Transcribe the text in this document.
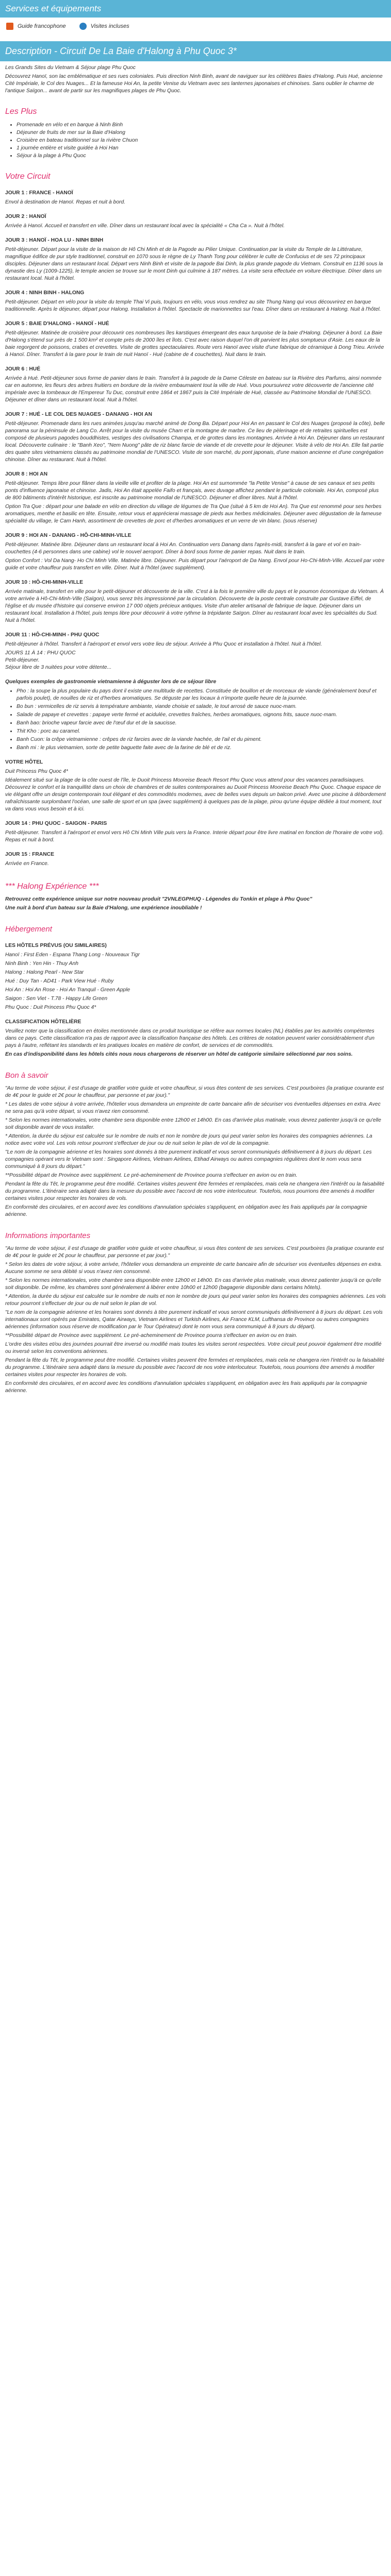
Services et équipements
Guide francophone	Visites incluses
Description - Circuit De La Baie d'Halong à Phu Quoc 3*

Les Grands Sites du Vietnam & Séjour plage Phu Quoc

Découvrez Hanoï, son lac emblématique et ses rues coloniales. Puis direction Ninh Binh, avant de naviguer sur les célèbres Baies d'Halong. Puis Hué, ancienne Cité Impériale, le Col des Nuages... Et la fameuse Hoi An, la petite Venise du Vietnam avec ses lanternes japonaises et chinoises. Sans oublier le charme de l'antique Saïgon... avant de partir sur les magnifiques plages de Phu Quoc.

Les Plus
• Promenade en vélo et en barque à Ninh Binh
• Déjeuner de fruits de mer sur la Baie d'Halong
• Croisière en bateau traditionnel sur la rivière Chuon
• 1 journée entière et visite guidée à Hoi Han
• Séjour à la plage à Phu Quoc
Votre Circuit
JOUR 1 : FRANCE - HANOÏ

Envol à destination de Hanoï. Repas et nuit à bord.

JOUR 2 : HANOÏ

Arrivée à Hanoï. Accueil et transfert en ville. Dîner dans un restaurant local avec la spécialité « Cha Ca ». Nuit à l'hôtel.

JOUR 3 : HANOÏ - HOA LU - NINH BINH

Petit-déjeuner. Départ pour la visite de la maison de Hô Chi Minh et de la Pagode au Pilier Unique. Continuation par la visite du Temple de la Littérature, magnifique édifice de pur style traditionnel, construit en 1070 sous le règne de Ly Thanh Tong pour célébrer le culte de Confucius et de ses 72 principaux disciples. Déjeuner dans un restaurant local. Départ vers Ninh Binh et visite de la pagode Bai Dinh, la plus grande pagode du Vietnam. Construit en 1136 sous la dynastie des Ly (1009-1225), le temple ancien se trouve sur le mont Dinh qui culmine à 187 mètres. La visite sera effectuée en voiture électrique. Dîner dans un restaurant local. Nuit à l'hôtel.

JOUR 4 : NINH BINH - HALONG

Petit-déjeuner. Départ en vélo pour la visite du temple Thai Vi puis, toujours en vélo, vous vous rendrez au site Thung Nang qui vous découvrirez en barque traditionnelle. Après le déjeuner, départ pour Halong. Installation à l'hôtel. Spectacle de marionnettes sur l'eau. Dîner dans un restaurant à Halong. Nuit à l'hôtel.

JOUR 5 : BAIE D'HALONG - HANOÏ - HUÉ

Petit-déjeuner. Matinée de croisière pour découvrir ces nombreuses îles karstiques émergeant des eaux turquoise de la baie d'Halong. Déjeuner à bord. La Baie d'Halong s'étend sur près de 1 500 km² et compte près de 2000 îles et îlots. C'est avec raison duquel l'on dit parvient les plus somptueux d'Asie. Les eaux de la baie regorgent de poissons, crabes et crevettes. Visite de grottes spectaculaires. Route vers Hanoï avec visite d'une fabrique de céramique à Dong Trieu. Arrivée à Hanoï. Dîner. Transfert à la gare pour le train de nuit Hanoï - Hué (cabine de 4 couchettes). Nuit dans le train.

JOUR 6 : HUÉ

Arrivée à Hué. Petit-déjeuner sous forme de panier dans le train. Transfert à la pagode de la Dame Céleste en bateau sur la Rivière des Parfums, ainsi nommée car en automne, les fleurs des arbres fruitiers en bordure de la rivière embaumaient tout la ville de Hué. Vous poursuivrez votre découverte de l'ancienne cité impériale avec la tombeaux de l'Empereur Tu Duc, construit entre 1864 et 1867 puis la Cité Impériale de Hué, classée au Patrimoine Mondial de l'UNESCO. Déjeuner et dîner dans un restaurant local. Nuit à l'hôtel.

JOUR 7 : HUÉ - LE COL DES NUAGES - DANANG - HOI AN

Petit-déjeuner. Promenade dans les rues animées jusqu'au marché animé de Dong Ba. Départ pour Hoi An en passant le Col des Nuages (proposé la côte), belle panorama sur la péninsule de Lang Co. Arrêt pour la visite du musée Cham et la montagne de marbre. Ce lieu de pèlerinage et de retraites spirituelles est composé de plusieurs pagodes bouddhistes, vestiges des civilisations Champa, et de grottes dans les montagnes. Arrivée à Hoi An. Déjeuner dans un restaurant local. Découverte culinaire : le "Banh Xeo", "Nem Nuong" pâte de riz blanc farcie de viande et de crevette pour le déjeuner. Visite à vélo de Hoi An. Elle fait partie des quatre sites vietnamiens classés au patrimoine mondial de l'UNESCO. Visite de son marché, du pont japonais, d'une maison ancienne et d'une congrégation chinoise. Dîner au restaurant. Nuit à l'hôtel.

JOUR 8 : HOI AN

Petit-déjeuner. Temps libre pour flâner dans la vieille ville et profiter de la plage. Hoi An est surnommée "la Petite Venise" à cause de ses canaux et ses petits ponts d'influence japonaise et chinoise. Jadis, Hoi An était appelée Faifo et français, avec duvage affichez pendant le particule coloniale. Hoi An, composé plus de 800 bâtiments d'intérêt historique, est inscrite au patrimoine mondial de l'UNESCO. Déjeuner et dîner libres. Nuit à l'hôtel.

Option Tra Que : départ pour une balade en vélo en direction du village de légumes de Tra Que (situé à 5 km de Hoi An). Tra Que est renommé pour ses herbes aromatiques, menthe et basilic en tête. Ensuite, retour vous et apprécierai massage de pieds aux herbes médicinales. Déjeuner avec dégustation de la fameuse spécialité du village, le Cam Hanh, assortiment de crevettes de porc et d'herbes aromatiques et un verre de vin blanc. (sous réserve)

JOUR 9 : HOI AN - DANANG - HÔ-CHI-MINH-VILLE

Petit-déjeuner. Matinée libre. Déjeuner dans un restaurant local à Hoi An. Continuation vers Danang dans l'après-midi, transfert à la gare et vol en train-couchettes (4-6 personnes dans une cabine) vol le nouvel aeroport. Dîner à bord sous forme de panier repas. Nuit dans le train.

Option Confort : Vol Da Nang- Ho Chi Minh Ville. Matinée libre. Déjeuner. Puis départ pour l'aéroport de Da Nang. Envol pour Ho-Chi-Minh-Ville. Accueil par votre guide et votre chauffeur puis transfert en ville. Dîner. Nuit à l'hôtel (avec supplément).

JOUR 10 : HÔ-CHI-MINH-VILLE

Arrivée matinale, transfert en ville pour le petit-déjeuner et découverte de la ville. C'est à la fois le première ville du pays et le poumon économique du Vietnam. À votre arrivée à Hô-Chi-Minh-Ville (Saïgon), vous serez très impressionné par la circulation. Découverte de la poste centrale construite par Gustave Eiffel, de l'église et du musée d'histoire qui conserve environ 17 000 objets précieux antiques. Visite d'un atelier artisanal de fabrique de laque. Déjeuner dans un restaurant local. Installation à l'hôtel, puis temps libre pour découvrir à votre rythme la trépidante Saïgon. Dîner au restaurant local avec les spécialités du Sud. Nuit à l'hôtel.

JOUR 11 : HÔ-CHI-MINH - PHU QUOC

Petit-déjeuner à l'hôtel. Transfert à l'aéroport et envol vers votre lieu de séjour. Arrivée à Phu Quoc et installation à l'hôtel. Nuit à l'hôtel.

JOURS 11 À 14 : PHU QUOC
Petit-déjeuner.
Séjour libre de 3 nuitées pour votre détente...

Quelques exemples de gastronomie vietnamienne à déguster lors de ce séjour libre

• Pho : la soupe la plus populaire du pays dont il existe une multitude de recettes. Constituée de bouillon et de morceaux de viande (généralement bœuf et parfois poulet), de nouilles de riz et d'herbes aromatiques. Se déguste par les locaux à n'importe quelle heure de la journée.
• Bo bun : vermicelles de riz servis à température ambiante, viande choisie et salade, le tout arrosé de sauce nuoc-mam.
• Salade de papaye et crevettes : papaye verte fermé et acidulée, crevettes fraîches, herbes aromatiques, oignons frits, sauce nuoc-mam.
• Banh bao: brioche vapeur farcie avec de l'œuf dur et de la saucisse.
• Thit Kho : porc au caramel.
• Banh Cuon: la crêpe vietnamienne : crêpes de riz farcies avec de la viande hachée, de l'ail et du piment.
• Banh mi : le plus vietnamien, sorte de petite baguette faite avec de la farine de blé et de riz.
VOTRE HÔTEL

Duit Princess Phu Quoc 4*

Idéalement situé sur la plage de la côte ouest de l'île, le Duoit Princess Mooreise Beach Resort Phu Quoc vous attend pour des vacances paradisiaques. Découvrez le confort et la tranquillité dans un choix de chambres et de suites contemporaines au Duoit Princess Mooreise Beach Phu Quoc. Chaque espace de vie élégant offre un design contemporain tout élégant et des commodités modernes, avec de belles vues depuis un balcon privé. Avec une piscine à débordement rafraîchissante surplombant l'océan, une salle de sport et un spa (avec supplément) à quelques pas de la plage, pirou qu'une équipe dédiée à tout moment, tout va dans vous vous besoin et à ici.

JOUR 14 : PHU QUOC - SAIGON - PARIS

Petit-déjeuner. Transfert à l'aéroport et envol vers Hô Chi Minh Ville puis vers la France. Interie départ pour être livre matinal en fonction de l'horaire de votre vol). Repas et nuit à bord.

JOUR 15 : FRANCE

Arrivée en France.

*** Halong Expérience ***

Retrouvez cette expérience unique sur notre nouveau produit "2VNLEGPHUQ - Légendes du Tonkin et plage à Phu Quoc"

Une nuit à bord d'un bateau sur la Baie d'Halong, une expérience inoubliable !

Hébergement
LES HÔTELS PRÉVUS (OU SIMILAIRES)

Hanoï : First Eden - Espana Thang Long - Nouveaux Tigr

Ninh Binh : Yen Hin - Thuy Anh

Halong : Halong Pearl - New Star

Hué : Duy Tan - AD41 - Park View Hué - Ruby

Hoi An : Hoi An Rose - Hoi An Tranquil - Green Apple

Saigon : Sen Viet - T.78 - Happy Life Green

Phu Quoc : Duit Princess Phu Quoc 4*

CLASSIFICATION HÔTELIÈRE

Veuillez noter que la classification en étoiles mentionnée dans ce produit touristique se réfère aux normes locales (NL) établies par les autorités compétentes dans ce pays. Cette classification n'a pas de rapport avec la classification française des hôtels. Les critères de notation peuvent varier considérablement d'un pays à l'autre, reflétant les standards et les pratiques locales en matière de confort, de services et de commodités.

En cas d'indisponibilité dans les hôtels cités nous nous chargerons de réserver un hôtel de catégorie similaire sélectionné par nos soins.

Bon à savoir

"Au terme de votre séjour, il est d'usage de gratifier votre guide et votre chauffeur, si vous êtes content de ses services. C'est pourboires (la pratique courante est de 4€ pour le guide et 2€ pour le chauffeur, par personne et par jour)."

* Les dates de votre séjour à votre arrivée, l'hôtelier vous demandera un empreinte de carte bancaire afin de sécuriser vos éventuelles dépenses en extra. Avec ne sera pas qu'à votre départ, si vous n'avez rien consommé.

* Selon les normes internationales, votre chambre sera disponible entre 12h00 et 14h00. En cas d'arrivée plus matinale, vous devrez patienter jusqu'à ce qu'elle soit disponible avant de vous installer.

* Attention, la durée du séjour est calculée sur le nombre de nuits et non le nombre de jours qui peut varier selon les horaires des compagnies aériennes. La notice avec votre vol. Les vols retour pourront s'effectuer de jour ou de nuit selon le plan de vol de la compagnie.

"Le nom de la compagnie aérienne et les horaires sont donnés à titre purement indicatif et vous seront communiqués définitivement à 8 jours du départ. Les compagnies opérant vers le Vietnam sont : Singapore Airlines, Vietnam Airlines, Etihad Airways ou autres compagnies régulières dont le nom vous sera communiqué à 8 jours du départ."

**Possibilité départ de Province avec supplément. Le pré-acheminement de Province pourra s'effectuer en avion ou en train.

Pendant la fête du Têt, le programme peut être modifié. Certaines visites peuvent être fermées et remplacées, mais cela ne changera rien l'intérêt ou la faisabilité du programme. L'itinéraire sera adapté dans la mesure du possible avec l'accord de nos votre interlocuteur. Toutefois, nous pourrions être amenés à modifier certaines visites pour respecter les horaires de vols.

En conformité des circulaires, et en accord avec les conditions d'annulation spéciales s'appliquent, en obligation avec les frais appliqués par la compagnie aérienne.

Informations importantes

"Au terme de votre séjour, il est d'usage de gratifier votre guide et votre chauffeur, si vous êtes content de ses services. C'est pourboires (la pratique courante est de 4€ pour le guide et 2€ pour le chauffeur, par personne et par jour)."

* Selon les dates de votre séjour, à votre arrivée, l'hôtelier vous demandera un empreinte de carte bancaire afin de sécuriser vos éventuelles dépenses en extra. Aucune somme ne sera débité si vous n'avez rien consommé.

* Selon les normes internationales, votre chambre sera disponible entre 12h00 et 14h00. En cas d'arrivée plus matinale, vous devrez patienter jusqu'à ce qu'elle soit disponible. De même, les chambres sont généralement à libérer entre 10h00 et 12h00 (bagagerie disponible dans certains hôtels).

* Attention, la durée du séjour est calculée sur le nombre de nuits et non le nombre de jours qui peut varier selon les horaires des compagnies aériennes. Les vols retour pourront s'effectuer de jour ou de nuit selon le plan de vol.

"Le nom de la compagnie aérienne et les horaires sont donnés à titre purement indicatif et vous seront communiqués définitivement à 8 jours du départ. Les vols internationaux sont opérés par Emirates, Qatar Airways, Vietnam Airlines et Turkish Airlines, Air France KLM, Lufthansa de Province ou autres compagnies aériennes (information sous réserve de modification par le Tour Opérateur) dont le nom vous sera communiqué à 8 jours du départ).

**Possibilité départ de Province avec supplément. Le pré-acheminement de Province pourra s'effectuer en avion ou en train.

L'ordre des visites et/ou des journées pourrait être inversé ou modifié mais toutes les visites seront respectées. Votre circuit peut pouvoir également être modifié ou inversé selon les conventions aériennes.

Pendant la fête du Têt, le programme peut être modifié. Certaines visites peuvent être fermées et remplacées, mais cela ne changera rien l'intérêt ou la faisabilité du programme. L'itinéraire sera adapté dans la mesure du possible avec l'accord de nos votre interlocuteur. Toutefois, nous pourrions être amenés à modifier certaines visites pour respecter les horaires de vols.

En conformité des circulaires, et en accord avec les conditions d'annulation spéciales s'appliquent, en obligation avec les frais appliqués par la compagnie aérienne.
